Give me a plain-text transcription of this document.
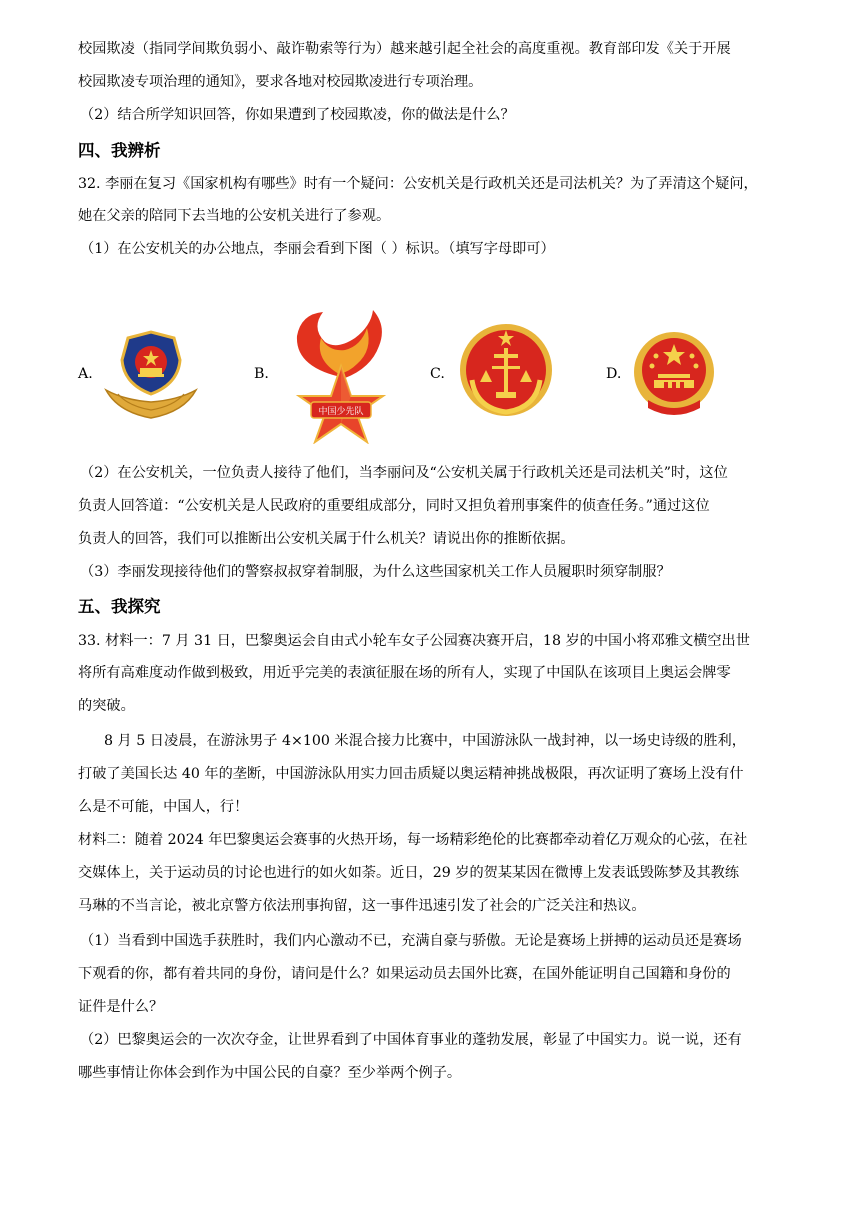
校园欺凌（指同学间欺负弱小、敲诈勒索等行为）越来越引起全社会的高度重视。教育部印发《关于开展
校园欺凌专项治理的通知》，要求各地对校园欺凌进行专项治理。
（2）结合所学知识回答，你如果遭到了校园欺凌，你的做法是什么？
四、我辨析
32. 李丽在复习《国家机构有哪些》时有一个疑问：公安机关是行政机关还是司法机关？为了弄清这个疑问，
她在父亲的陪同下去当地的公安机关进行了参观。
（1）在公安机关的办公地点，李丽会看到下图（ ）标识。（填写字母即可）
A.	B.	C.	D.
中国少先队
（2）在公安机关，一位负责人接待了他们，当李丽问及“公安机关属于行政机关还是司法机关”时，这位
负责人回答道：“公安机关是人民政府的重要组成部分，同时又担负着刑事案件的侦查任务。”通过这位
负责人的回答，我们可以推断出公安机关属于什么机关？请说出你的推断依据。
（3）李丽发现接待他们的警察叔叔穿着制服，为什么这些国家机关工作人员履职时须穿制服？
五、我探究
33. 材料一：7 月 31 日，巴黎奥运会自由式小轮车女子公园赛决赛开启，18 岁的中国小将邓雅文横空出世
将所有高难度动作做到极致，用近乎完美的表演征服在场的所有人，实现了中国队在该项目上奥运会牌零
的突破。
8 月 5 日凌晨，在游泳男子 4×100 米混合接力比赛中，中国游泳队一战封神，以一场史诗级的胜利，
打破了美国长达 40 年的垄断，中国游泳队用实力回击质疑以奥运精神挑战极限，再次证明了赛场上没有什
么是不可能，中国人，行！
材料二：随着 2024 年巴黎奥运会赛事的火热开场，每一场精彩绝伦的比赛都牵动着亿万观众的心弦，在社
交媒体上，关于运动员的讨论也进行的如火如荼。近日，29 岁的贺某某因在微博上发表诋毁陈梦及其教练
马琳的不当言论，被北京警方依法刑事拘留，这一事件迅速引发了社会的广泛关注和热议。
（1）当看到中国选手获胜时，我们内心激动不已，充满自豪与骄傲。无论是赛场上拼搏的运动员还是赛场
下观看的你，都有着共同的身份，请问是什么？如果运动员去国外比赛，在国外能证明自己国籍和身份的
证件是什么？
（2）巴黎奥运会的一次次夺金，让世界看到了中国体育事业的蓬勃发展，彰显了中国实力。说一说，还有
哪些事情让你体会到作为中国公民的自豪？至少举两个例子。
